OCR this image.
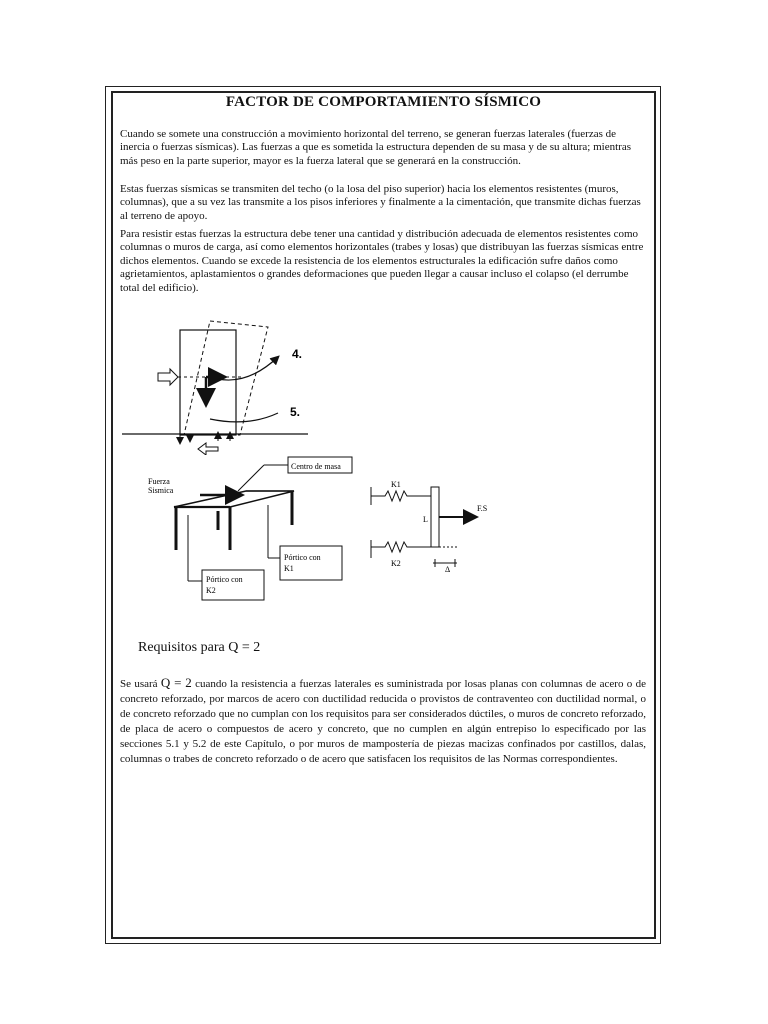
FACTOR DE COMPORTAMIENTO SÍSMICO
Cuando se somete una construcción a movimiento horizontal del terreno, se generan fuerzas laterales (fuerzas de inercia o fuerzas sísmicas). Las fuerzas a que es sometida la estructura dependen de su masa y de su altura; mientras más peso en la parte superior, mayor es la fuerza lateral que se generará en la construcción.
Estas fuerzas sísmicas se transmiten del techo (o la losa del piso superior) hacia los elementos resistentes (muros, columnas), que a su vez las transmite a los pisos inferiores y finalmente a la cimentación, que transmite dichas fuerzas al terreno de apoyo.
Para resistir estas fuerzas la estructura debe tener una cantidad y distribución adecuada de elementos resistentes como columnas o muros de carga, así como elementos horizontales (trabes y losas) que distribuyan las fuerzas sísmicas entre dichos elementos. Cuando se excede la resistencia de los elementos estructurales la edificación sufre daños como agrietamientos, aplastamientos o grandes deformaciones que pueden llegar a causar incluso el colapso (el derrumbe total del edificio).
4.
5.
Fuerza
Sismica
Centro de masa
Pórtico con
K1
Pórtico con
K2
K1
K2
L
F.S
Δ
Requisitos para Q = 2
Se usará Q = 2 cuando la resistencia a fuerzas laterales es suministrada por losas planas con columnas de acero o de concreto reforzado, por marcos de acero con ductilidad reducida o provistos de contraventeo con ductilidad normal, o de concreto reforzado que no cumplan con los requisitos para ser considerados dúctiles, o muros de concreto reforzado, de placa de acero o compuestos de acero y concreto, que no cumplen en algún entrepiso lo especificado por las secciones 5.1 y 5.2 de este Capítulo, o por muros de mampostería de piezas macizas confinados por castillos, dalas, columnas o trabes de concreto reforzado o de acero que satisfacen los requisitos de las Normas correspondientes.
